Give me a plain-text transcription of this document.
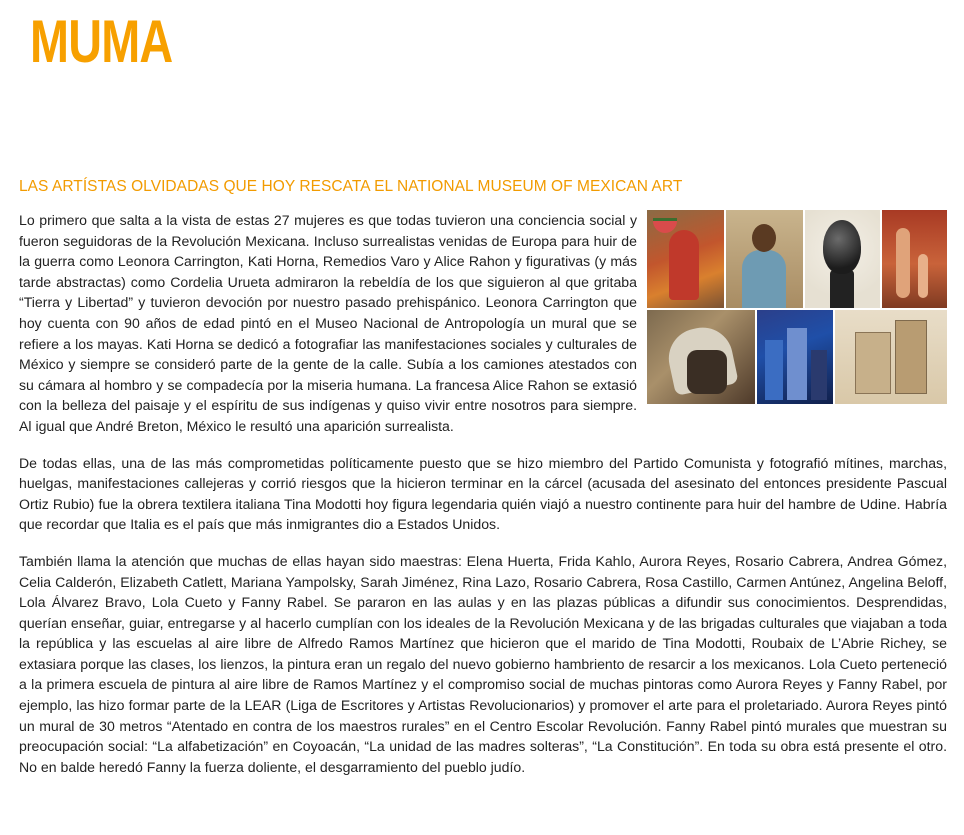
MUMA
LAS ARTÍSTAS OLVIDADAS QUE HOY RESCATA EL NATIONAL MUSEUM OF MEXICAN ART

Lo primero que salta a la vista de estas 27 mujeres es que todas tuvieron una conciencia social y fueron seguidoras de la Revolución Mexicana. Incluso surrealistas venidas de Europa para huir de la guerra como Leonora Carrington, Kati Horna, Remedios Varo y Alice Rahon y figurativas (y más tarde abstractas) como Cordelia Urueta admiraron la rebeldía de los que siguieron al que gritaba “Tierra y Libertad” y tuvieron devoción por nuestro pasado prehispánico. Leonora Carrington que hoy cuenta con 90 años de edad pintó en el Museo Nacional de Antropología un mural que se refiere a los mayas. Kati Horna se dedicó a fotografiar las manifestaciones sociales y culturales de México y siempre se consideró parte de la gente de la calle. Subía a los camiones atestados con su cámara al hombro y se compadecía por la miseria humana. La francesa Alice Rahon se extasió con la belleza del paisaje y el espíritu de sus indígenas y quiso vivir entre nosotros para siempre. Al igual que André Breton, México le resultó una aparición surrealista.

De todas ellas, una de las más comprometidas políticamente puesto que se hizo miembro del Partido Comunista y fotografió mítines, marchas, huelgas, manifestaciones callejeras y corrió riesgos que la hicieron terminar en la cárcel (acusada del asesinato del entonces presidente Pascual Ortiz Rubio) fue la obrera textilera italiana Tina Modotti hoy figura legendaria quién viajó a nuestro continente para huir del hambre de Udine. Habría que recordar que Italia es el país que más inmigrantes dio a Estados Unidos.

También llama la atención que muchas de ellas hayan sido maestras: Elena Huerta, Frida Kahlo, Aurora Reyes, Rosario Cabrera, Andrea Gómez, Celia Calderón, Elizabeth Catlett, Mariana Yampolsky, Sarah Jiménez, Rina Lazo, Rosario Cabrera, Rosa Castillo, Carmen Antúnez, Angelina Beloff, Lola Álvarez Bravo, Lola Cueto y Fanny Rabel. Se pararon en las aulas y en las plazas públicas a difundir sus conocimientos. Desprendidas, querían enseñar, guiar, entregarse y al hacerlo cumplían con los ideales de la Revolución Mexicana y de las brigadas culturales que viajaban a toda la república y las escuelas al aire libre de Alfredo Ramos Martínez que hicieron que el marido de Tina Modotti, Roubaix de L’Abrie Richey, se extasiara porque las clases, los lienzos, la pintura eran un regalo del nuevo gobierno hambriento de resarcir a los mexicanos. Lola Cueto perteneció a la primera escuela de pintura al aire libre de Ramos Martínez y el compromiso social de muchas pintoras como Aurora Reyes y Fanny Rabel, por ejemplo, las hizo formar parte de la LEAR (Liga de Escritores y Artistas Revolucionarios) y promover el arte para el proletariado. Aurora Reyes pintó un mural de 30 metros “Atentado en contra de los maestros rurales” en el Centro Escolar Revolución. Fanny Rabel pintó murales que muestran su preocupación social: “La alfabetización” en Coyoacán, “La unidad de las madres solteras”, “La Constitución”. En toda su obra está presente el otro. No en balde heredó Fanny la fuerza doliente, el desgarramiento del pueblo judío.
